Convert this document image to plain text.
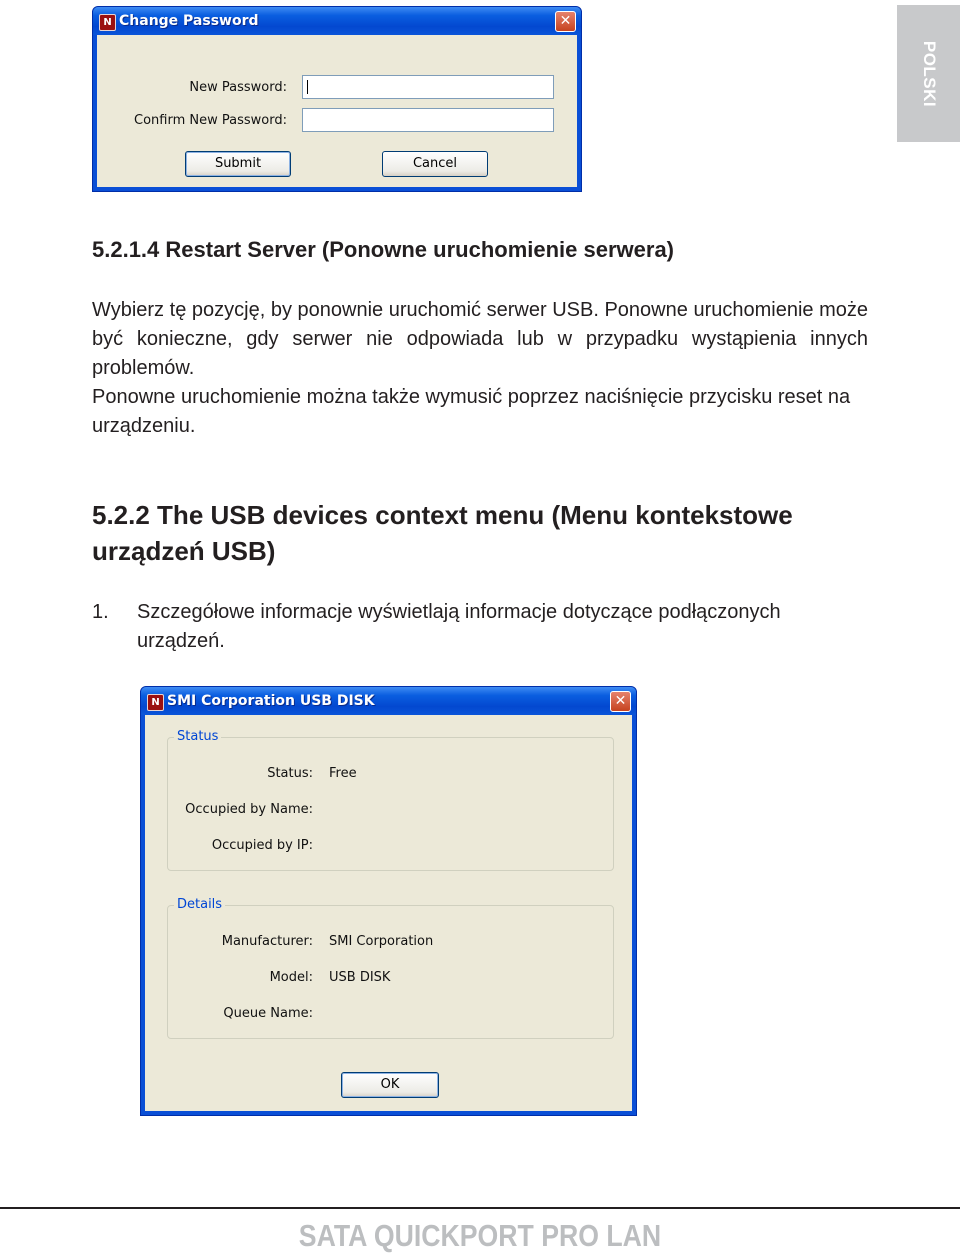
POLSKI
N Change Password	✕
New Password:
Confirm New Password:
Submit	Cancel
5.2.1.4 Restart Server (Ponowne uruchomienie serwera)

Wybierz tę pozycję, by ponownie uruchomić serwer USB. Ponowne uruchomienie może być konieczne, gdy serwer nie odpowiada lub w przypadku wystąpienia innych problemów.

Ponowne uruchomienie można także wymusić poprzez naciśnięcie przycisku reset na urządzeniu.

5.2.2 The USB devices context menu (Menu kontekstowe
urządzeń USB)
1. Szczegółowe informacje wyświetlają informacje dotyczące podłączonych urządzeń.

N SMI Corporation USB DISK	✕
Status
Status: Free
Occupied by Name:
Occupied by IP:
Details
Manufacturer: SMI Corporation
Model: USB DISK
Queue Name:
OK
SATA QUICKPORT PRO LAN
